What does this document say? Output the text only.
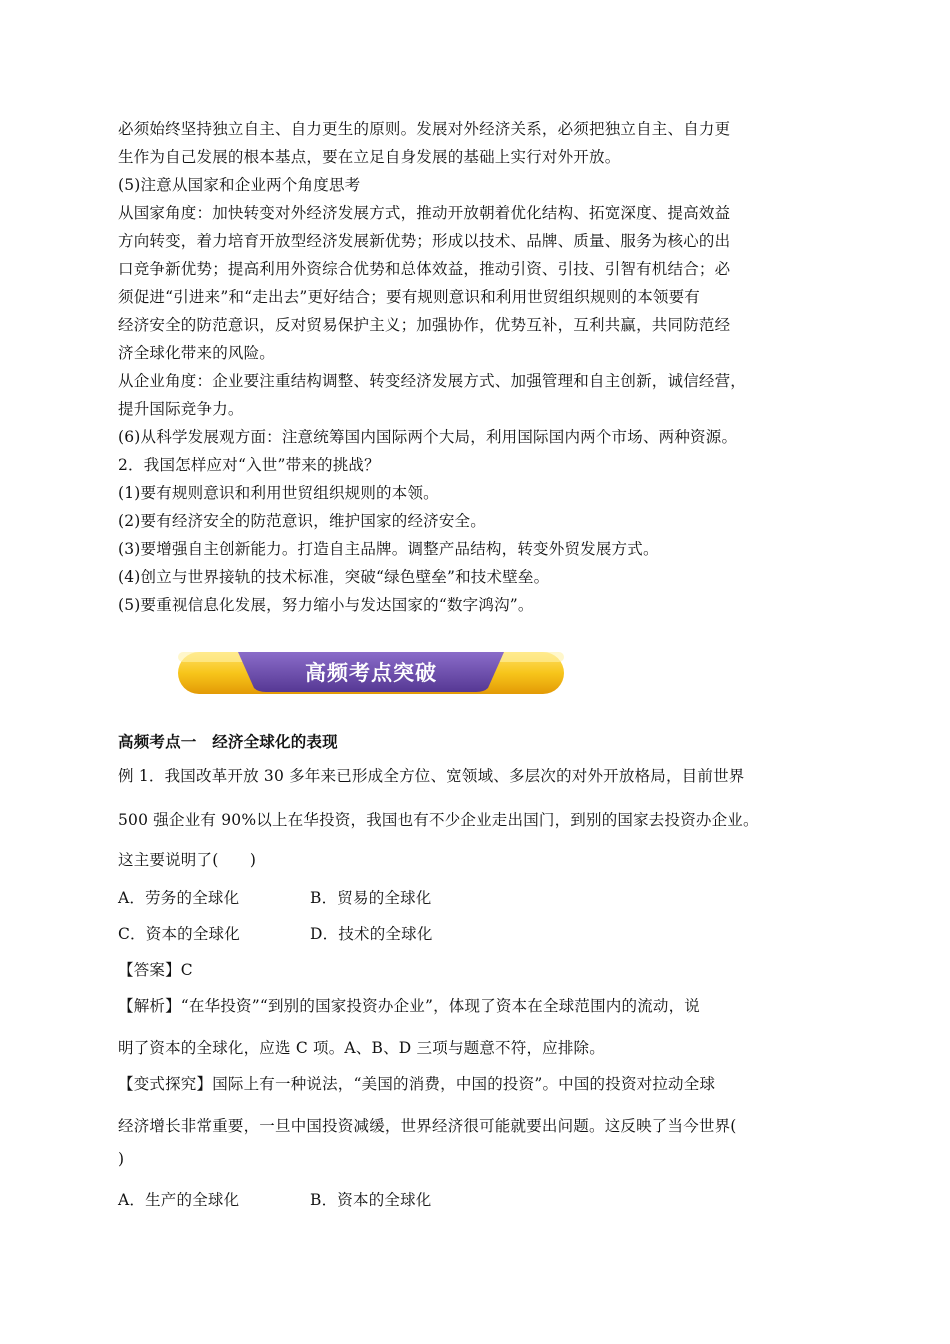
必须始终坚持独立自主、自力更生的原则。发展对外经济关系，必须把独立自主、自力更

生作为自己发展的根本基点，要在立足自身发展的基础上实行对外开放。

(5)注意从国家和企业两个角度思考

从国家角度：加快转变对外经济发展方式，推动开放朝着优化结构、拓宽深度、提高效益

方向转变，着力培育开放型经济发展新优势；形成以技术、品牌、质量、服务为核心的出

口竞争新优势；提高利用外资综合优势和总体效益，推动引资、引技、引智有机结合；必

须促进“引进来”和“走出去”更好结合；要有规则意识和利用世贸组织规则的本领要有

经济安全的防范意识，反对贸易保护主义；加强协作，优势互补，互利共赢，共同防范经

济全球化带来的风险。

从企业角度：企业要注重结构调整、转变经济发展方式、加强管理和自主创新，诚信经营，

提升国际竞争力。

(6)从科学发展观方面：注意统筹国内国际两个大局，利用国际国内两个市场、两种资源。

2．我国怎样应对“入世”带来的挑战？

(1)要有规则意识和利用世贸组织规则的本领。

(2)要有经济安全的防范意识，维护国家的经济安全。

(3)要增强自主创新能力。打造自主品牌。调整产品结构，转变外贸发展方式。

(4)创立与世界接轨的技术标准，突破“绿色壁垒”和技术壁垒。

(5)要重视信息化发展，努力缩小与发达国家的“数字鸿沟”。

高频考点突破

高频考点一　经济全球化的表现

例 1．我国改革开放 30 多年来已形成全方位、宽领域、多层次的对外开放格局，目前世界

500 强企业有 90%以上在华投资，我国也有不少企业走出国门，到别的国家去投资办企业。

这主要说明了(　　)

A．劳务的全球化	B．贸易的全球化

C．资本的全球化	D．技术的全球化

【答案】C

【解析】“在华投资”“到别的国家投资办企业”，体现了资本在全球范围内的流动，说

明了资本的全球化，应选 C 项。A、B、D 三项与题意不符，应排除。

【变式探究】国际上有一种说法，“美国的消费，中国的投资”。中国的投资对拉动全球

经济增长非常重要，一旦中国投资减缓，世界经济很可能就要出问题。这反映了当今世界(

)

A．生产的全球化	B．资本的全球化
